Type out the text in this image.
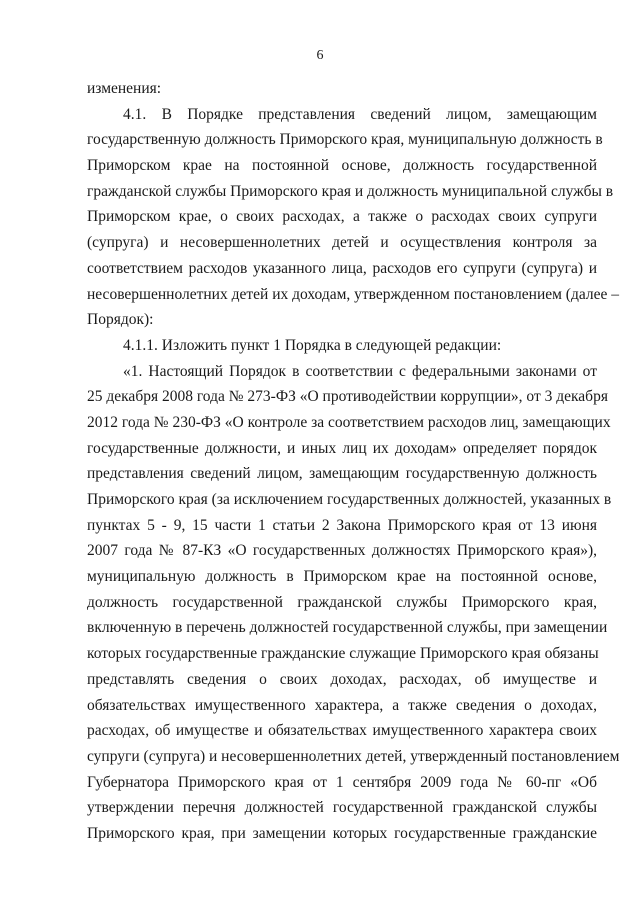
6
изменения:
4.1. В Порядке представления сведений лицом, замещающим
государственную должность Приморского края, муниципальную должность в
Приморском крае на постоянной основе, должность государственной
гражданской службы Приморского края и должность муниципальной службы в
Приморском крае, о своих расходах, а также о расходах своих супруги
(супруга) и несовершеннолетних детей и осуществления контроля за
соответствием расходов указанного лица, расходов его супруги (супруга) и
несовершеннолетних детей их доходам, утвержденном постановлением (далее –
Порядок):
4.1.1. Изложить пункт 1 Порядка в следующей редакции:
«1. Настоящий Порядок в соответствии с федеральными законами от
25 декабря 2008 года № 273-ФЗ «О противодействии коррупции», от 3 декабря
2012 года № 230-ФЗ «О контроле за соответствием расходов лиц, замещающих
государственные должности, и иных лиц их доходам» определяет порядок
представления сведений лицом, замещающим государственную должность
Приморского края (за исключением государственных должностей, указанных в
пунктах 5 - 9, 15 части 1 статьи 2 Закона Приморского края от 13 июня
2007 года № 87-КЗ «О государственных должностях Приморского края»),
муниципальную должность в Приморском крае на постоянной основе,
должность государственной гражданской службы Приморского края,
включенную в перечень должностей государственной службы, при замещении
которых государственные гражданские служащие Приморского края обязаны
представлять сведения о своих доходах, расходах, об имуществе и
обязательствах имущественного характера, а также сведения о доходах,
расходах, об имуществе и обязательствах имущественного характера своих
супруги (супруга) и несовершеннолетних детей, утвержденный постановлением
Губернатора Приморского края от 1 сентября 2009 года № 60-пг «Об
утверждении перечня должностей государственной гражданской службы
Приморского края, при замещении которых государственные гражданские
